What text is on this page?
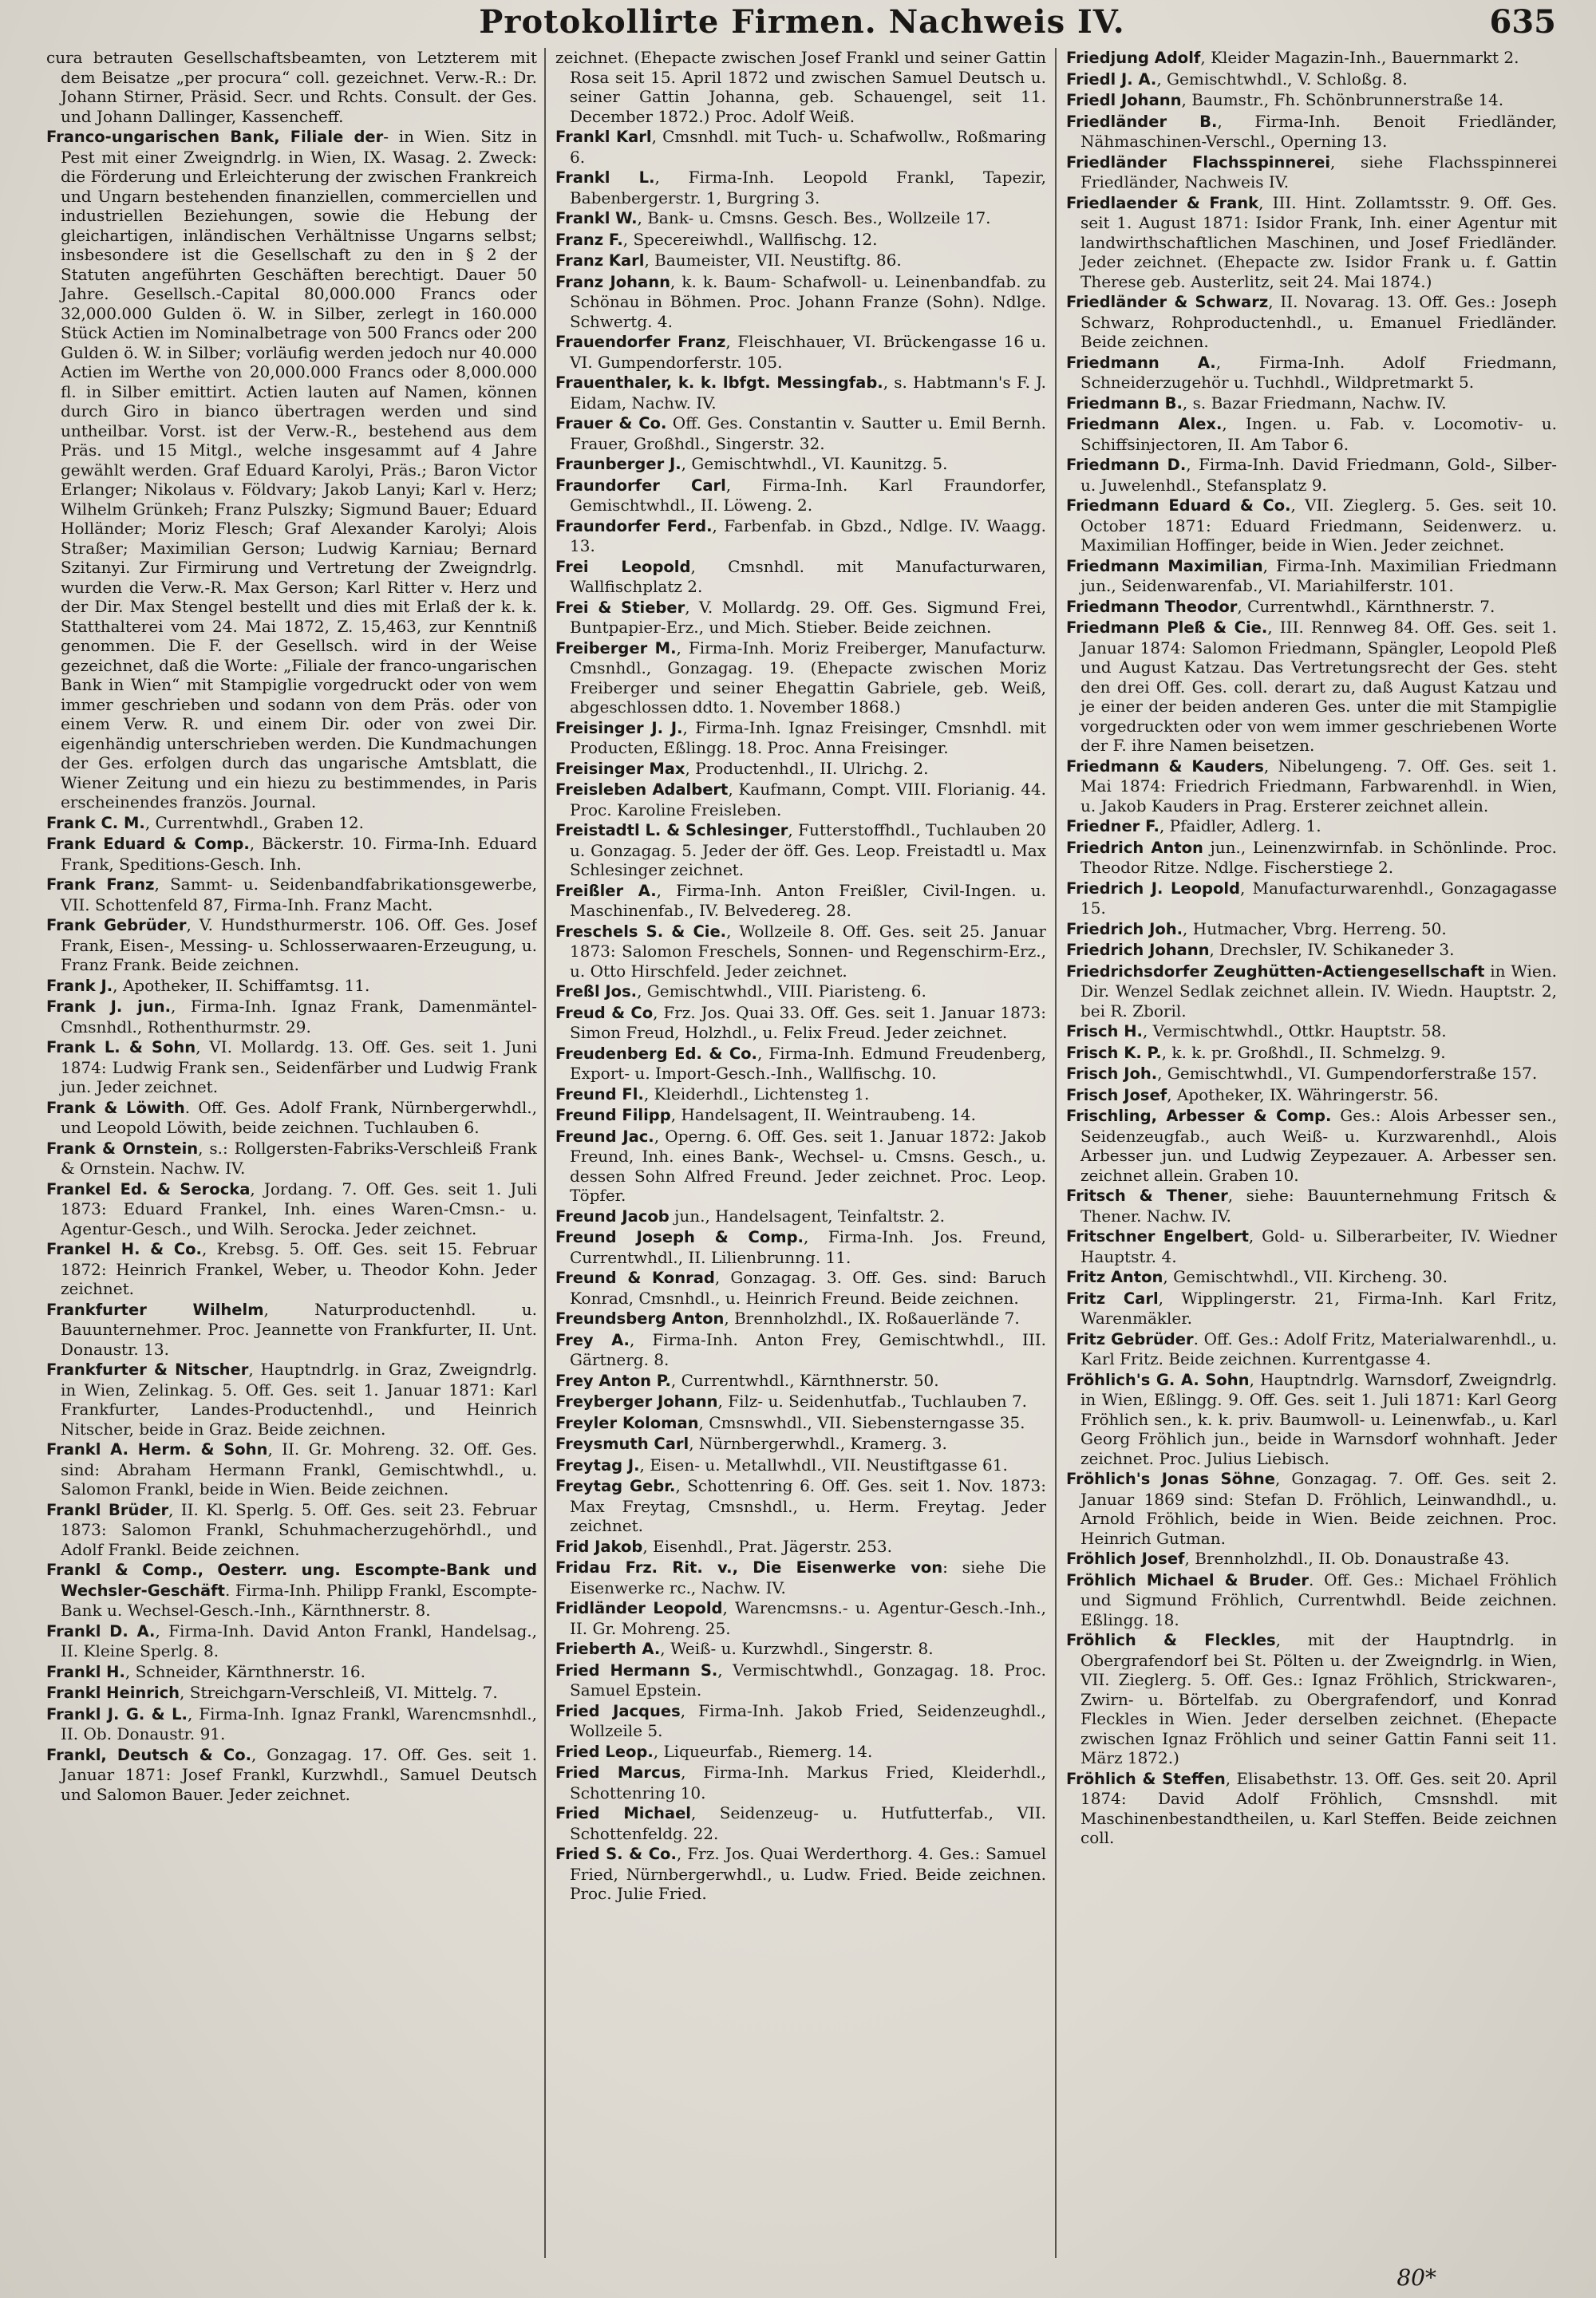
Protokollirte Firmen. Nachweis IV.	635

cura betrauten Gesellschaftsbeamten, von Letzterem mit dem Beisatze „per procura“ coll. gezeichnet. Verw.-R.: Dr. Johann Stirner, Präsid. Secr. und Rchts. Consult. der Ges. und Johann Dallinger, Kassencheff.

Franco-ungarischen Bank, Filiale der- in Wien. Sitz in Pest mit einer Zweigndrlg. in Wien, IX. Wasag. 2. Zweck: die Förderung und Erleichterung der zwischen Frankreich und Ungarn bestehenden finanziellen, commerciellen und industriellen Beziehungen, sowie die Hebung der gleichartigen, inländischen Verhältnisse Ungarns selbst; insbesondere ist die Gesellschaft zu den in § 2 der Statuten angeführten Geschäften berechtigt. Dauer 50 Jahre. Gesellsch.-Capital 80,000.000 Francs oder 32,000.000 Gulden ö. W. in Silber, zerlegt in 160.000 Stück Actien im Nominalbetrage von 500 Francs oder 200 Gulden ö. W. in Silber; vorläufig werden jedoch nur 40.000 Actien im Werthe von 20,000.000 Francs oder 8,000.000 fl. in Silber emittirt. Actien lauten auf Namen, können durch Giro in bianco übertragen werden und sind untheilbar. Vorst. ist der Verw.-R., bestehend aus dem Präs. und 15 Mitgl., welche insgesammt auf 4 Jahre gewählt werden. Graf Eduard Karolyi, Präs.; Baron Victor Erlanger; Nikolaus v. Földvary; Jakob Lanyi; Karl v. Herz; Wilhelm Grünkeh; Franz Pulszky; Sigmund Bauer; Eduard Holländer; Moriz Flesch; Graf Alexander Karolyi; Alois Straßer; Maximilian Gerson; Ludwig Karniau; Bernard Szitanyi. Zur Firmirung und Vertretung der Zweigndrlg. wurden die Verw.-R. Max Gerson; Karl Ritter v. Herz und der Dir. Max Stengel bestellt und dies mit Erlaß der k. k. Statthalterei vom 24. Mai 1872, Z. 15,463, zur Kenntniß genommen. Die F. der Gesellsch. wird in der Weise gezeichnet, daß die Worte: „Filiale der franco-ungarischen Bank in Wien“ mit Stampiglie vorgedruckt oder von wem immer geschrieben und sodann von dem Präs. oder von einem Verw. R. und einem Dir. oder von zwei Dir. eigenhändig unterschrieben werden. Die Kundmachungen der Ges. erfolgen durch das ungarische Amtsblatt, die Wiener Zeitung und ein hiezu zu bestimmendes, in Paris erscheinendes französ. Journal.

Frank C. M., Currentwhdl., Graben 12.

Frank Eduard & Comp., Bäckerstr. 10. Firma-Inh. Eduard Frank, Speditions-Gesch. Inh.

Frank Franz, Sammt- u. Seidenbandfabrikationsgewerbe, VII. Schottenfeld 87, Firma-Inh. Franz Macht.

Frank Gebrüder, V. Hundsthurmerstr. 106. Off. Ges. Josef Frank, Eisen-, Messing- u. Schlosserwaaren-Erzeugung, u. Franz Frank. Beide zeichnen.

Frank J., Apotheker, II. Schiffamtsg. 11.

Frank J. jun., Firma-Inh. Ignaz Frank, Damenmäntel-Cmsnhdl., Rothenthurmstr. 29.

Frank L. & Sohn, VI. Mollardg. 13. Off. Ges. seit 1. Juni 1874: Ludwig Frank sen., Seidenfärber und Ludwig Frank jun. Jeder zeichnet.

Frank & Löwith. Off. Ges. Adolf Frank, Nürnbergerwhdl., und Leopold Löwith, beide zeichnen. Tuchlauben 6.

Frank & Ornstein, s.: Rollgersten-Fabriks-Verschleiß Frank & Ornstein. Nachw. IV.

Frankel Ed. & Serocka, Jordang. 7. Off. Ges. seit 1. Juli 1873: Eduard Frankel, Inh. eines Waren-Cmsn.- u. Agentur-Gesch., und Wilh. Serocka. Jeder zeichnet.

Frankel H. & Co., Krebsg. 5. Off. Ges. seit 15. Februar 1872: Heinrich Frankel, Weber, u. Theodor Kohn. Jeder zeichnet.

Frankfurter Wilhelm, Naturproductenhdl. u. Bauunternehmer. Proc. Jeannette von Frankfurter, II. Unt. Donaustr. 13.

Frankfurter & Nitscher, Hauptndrlg. in Graz, Zweigndrlg. in Wien, Zelinkag. 5. Off. Ges. seit 1. Januar 1871: Karl Frankfurter, Landes-Productenhdl., und Heinrich Nitscher, beide in Graz. Beide zeichnen.

Frankl A. Herm. & Sohn, II. Gr. Mohreng. 32. Off. Ges. sind: Abraham Hermann Frankl, Gemischtwhdl., u. Salomon Frankl, beide in Wien. Beide zeichnen.

Frankl Brüder, II. Kl. Sperlg. 5. Off. Ges. seit 23. Februar 1873: Salomon Frankl, Schuhmacherzugehörhdl., und Adolf Frankl. Beide zeichnen.

Frankl & Comp., Oesterr. ung. Escompte-Bank und Wechsler-Geschäft. Firma-Inh. Philipp Frankl, Escompte-Bank u. Wechsel-Gesch.-Inh., Kärnthnerstr. 8.

Frankl D. A., Firma-Inh. David Anton Frankl, Handelsag., II. Kleine Sperlg. 8.

Frankl H., Schneider, Kärnthnerstr. 16.

Frankl Heinrich, Streichgarn-Verschleiß, VI. Mittelg. 7.

Frankl J. G. & L., Firma-Inh. Ignaz Frankl, Warencmsnhdl., II. Ob. Donaustr. 91.

Frankl, Deutsch & Co., Gonzagag. 17. Off. Ges. seit 1. Januar 1871: Josef Frankl, Kurzwhdl., Samuel Deutsch und Salomon Bauer. Jeder zeichnet.

zeichnet. (Ehepacte zwischen Josef Frankl und seiner Gattin Rosa seit 15. April 1872 und zwischen Samuel Deutsch u. seiner Gattin Johanna, geb. Schauengel, seit 11. December 1872.) Proc. Adolf Weiß.

Frankl Karl, Cmsnhdl. mit Tuch- u. Schafwollw., Roßmaring 6.

Frankl L., Firma-Inh. Leopold Frankl, Tapezir, Babenbergerstr. 1, Burgring 3.

Frankl W., Bank- u. Cmsns. Gesch. Bes., Wollzeile 17.

Franz F., Specereiwhdl., Wallfischg. 12.

Franz Karl, Baumeister, VII. Neustiftg. 86.

Franz Johann, k. k. Baum- Schafwoll- u. Leinenbandfab. zu Schönau in Böhmen. Proc. Johann Franze (Sohn). Ndlge. Schwertg. 4.

Frauendorfer Franz, Fleischhauer, VI. Brückengasse 16 u. VI. Gumpendorferstr. 105.

Frauenthaler, k. k. lbfgt. Messingfab., s. Habtmann's F. J. Eidam, Nachw. IV.

Frauer & Co. Off. Ges. Constantin v. Sautter u. Emil Bernh. Frauer, Großhdl., Singerstr. 32.

Fraunberger J., Gemischtwhdl., VI. Kaunitzg. 5.

Fraundorfer Carl, Firma-Inh. Karl Fraundorfer, Gemischtwhdl., II. Löweng. 2.

Fraundorfer Ferd., Farbenfab. in Gbzd., Ndlge. IV. Waagg. 13.

Frei Leopold, Cmsnhdl. mit Manufacturwaren, Wallfischplatz 2.

Frei & Stieber, V. Mollardg. 29. Off. Ges. Sigmund Frei, Buntpapier-Erz., und Mich. Stieber. Beide zeichnen.

Freiberger M., Firma-Inh. Moriz Freiberger, Manufacturw. Cmsnhdl., Gonzagag. 19. (Ehepacte zwischen Moriz Freiberger und seiner Ehegattin Gabriele, geb. Weiß, abgeschlossen ddto. 1. November 1868.)

Freisinger J. J., Firma-Inh. Ignaz Freisinger, Cmsnhdl. mit Producten, Eßlingg. 18. Proc. Anna Freisinger.

Freisinger Max, Productenhdl., II. Ulrichg. 2.

Freisleben Adalbert, Kaufmann, Compt. VIII. Florianig. 44. Proc. Karoline Freisleben.

Freistadtl L. & Schlesinger, Futterstoffhdl., Tuchlauben 20 u. Gonzagag. 5. Jeder der öff. Ges. Leop. Freistadtl u. Max Schlesinger zeichnet.

Freißler A., Firma-Inh. Anton Freißler, Civil-Ingen. u. Maschinenfab., IV. Belvedereg. 28.

Freschels S. & Cie., Wollzeile 8. Off. Ges. seit 25. Januar 1873: Salomon Freschels, Sonnen- und Regenschirm-Erz., u. Otto Hirschfeld. Jeder zeichnet.

Freßl Jos., Gemischtwhdl., VIII. Piaristeng. 6.

Freud & Co, Frz. Jos. Quai 33. Off. Ges. seit 1. Januar 1873: Simon Freud, Holzhdl., u. Felix Freud. Jeder zeichnet.

Freudenberg Ed. & Co., Firma-Inh. Edmund Freudenberg, Export- u. Import-Gesch.-Inh., Wallfischg. 10.

Freund Fl., Kleiderhdl., Lichtensteg 1.

Freund Filipp, Handelsagent, II. Weintraubeng. 14.

Freund Jac., Operng. 6. Off. Ges. seit 1. Januar 1872: Jakob Freund, Inh. eines Bank-, Wechsel- u. Cmsns. Gesch., u. dessen Sohn Alfred Freund. Jeder zeichnet. Proc. Leop. Töpfer.

Freund Jacob jun., Handelsagent, Teinfaltstr. 2.

Freund Joseph & Comp., Firma-Inh. Jos. Freund, Currentwhdl., II. Lilienbrunng. 11.

Freund & Konrad, Gonzagag. 3. Off. Ges. sind: Baruch Konrad, Cmsnhdl., u. Heinrich Freund. Beide zeichnen.

Freundsberg Anton, Brennholzhdl., IX. Roßauerlände 7.

Frey A., Firma-Inh. Anton Frey, Gemischtwhdl., III. Gärtnerg. 8.

Frey Anton P., Currentwhdl., Kärnthnerstr. 50.

Freyberger Johann, Filz- u. Seidenhutfab., Tuchlauben 7.

Freyler Koloman, Cmsnswhdl., VII. Siebensterngasse 35.

Freysmuth Carl, Nürnbergerwhdl., Kramerg. 3.

Freytag J., Eisen- u. Metallwhdl., VII. Neustiftgasse 61.

Freytag Gebr., Schottenring 6. Off. Ges. seit 1. Nov. 1873: Max Freytag, Cmsnshdl., u. Herm. Freytag. Jeder zeichnet.

Frid Jakob, Eisenhdl., Prat. Jägerstr. 253.

Fridau Frz. Rit. v., Die Eisenwerke von: siehe Die Eisenwerke rc., Nachw. IV.

Fridländer Leopold, Warencmsns.- u. Agentur-Gesch.-Inh., II. Gr. Mohreng. 25.

Frieberth A., Weiß- u. Kurzwhdl., Singerstr. 8.

Fried Hermann S., Vermischtwhdl., Gonzagag. 18. Proc. Samuel Epstein.

Fried Jacques, Firma-Inh. Jakob Fried, Seidenzeughdl., Wollzeile 5.

Fried Leop., Liqueurfab., Riemerg. 14.

Fried Marcus, Firma-Inh. Markus Fried, Kleiderhdl., Schottenring 10.

Fried Michael, Seidenzeug- u. Hutfutterfab., VII. Schottenfeldg. 22.

Fried S. & Co., Frz. Jos. Quai Werderthorg. 4. Ges.: Samuel Fried, Nürnbergerwhdl., u. Ludw. Fried. Beide zeichnen. Proc. Julie Fried.

Friedjung Adolf, Kleider Magazin-Inh., Bauernmarkt 2.

Friedl J. A., Gemischtwhdl., V. Schloßg. 8.

Friedl Johann, Baumstr., Fh. Schönbrunnerstraße 14.

Friedländer B., Firma-Inh. Benoit Friedländer, Nähmaschinen-Verschl., Operning 13.

Friedländer Flachsspinnerei, siehe Flachsspinnerei Friedländer, Nachweis IV.

Friedlaender & Frank, III. Hint. Zollamtsstr. 9. Off. Ges. seit 1. August 1871: Isidor Frank, Inh. einer Agentur mit landwirthschaftlichen Maschinen, und Josef Friedländer. Jeder zeichnet. (Ehepacte zw. Isidor Frank u. f. Gattin Therese geb. Austerlitz, seit 24. Mai 1874.)

Friedländer & Schwarz, II. Novarag. 13. Off. Ges.: Joseph Schwarz, Rohproductenhdl., u. Emanuel Friedländer. Beide zeichnen.

Friedmann A., Firma-Inh. Adolf Friedmann, Schneiderzugehör u. Tuchhdl., Wildpretmarkt 5.

Friedmann B., s. Bazar Friedmann, Nachw. IV.

Friedmann Alex., Ingen. u. Fab. v. Locomotiv- u. Schiffsinjectoren, II. Am Tabor 6.

Friedmann D., Firma-Inh. David Friedmann, Gold-, Silber- u. Juwelenhdl., Stefansplatz 9.

Friedmann Eduard & Co., VII. Zieglerg. 5. Ges. seit 10. October 1871: Eduard Friedmann, Seidenwerz. u. Maximilian Hoffinger, beide in Wien. Jeder zeichnet.

Friedmann Maximilian, Firma-Inh. Maximilian Friedmann jun., Seidenwarenfab., VI. Mariahilferstr. 101.

Friedmann Theodor, Currentwhdl., Kärnthnerstr. 7.

Friedmann Pleß & Cie., III. Rennweg 84. Off. Ges. seit 1. Januar 1874: Salomon Friedmann, Spängler, Leopold Pleß und August Katzau. Das Vertretungsrecht der Ges. steht den drei Off. Ges. coll. derart zu, daß August Katzau und je einer der beiden anderen Ges. unter die mit Stampiglie vorgedruckten oder von wem immer geschriebenen Worte der F. ihre Namen beisetzen.

Friedmann & Kauders, Nibelungeng. 7. Off. Ges. seit 1. Mai 1874: Friedrich Friedmann, Farbwarenhdl. in Wien, u. Jakob Kauders in Prag. Ersterer zeichnet allein.

Friedner F., Pfaidler, Adlerg. 1.

Friedrich Anton jun., Leinenzwirnfab. in Schönlinde. Proc. Theodor Ritze. Ndlge. Fischerstiege 2.

Friedrich J. Leopold, Manufacturwarenhdl., Gonzagagasse 15.

Friedrich Joh., Hutmacher, Vbrg. Herreng. 50.

Friedrich Johann, Drechsler, IV. Schikaneder 3.

Friedrichsdorfer Zeughütten-Actiengesellschaft in Wien. Dir. Wenzel Sedlak zeichnet allein. IV. Wiedn. Hauptstr. 2, bei R. Zboril.

Frisch H., Vermischtwhdl., Ottkr. Hauptstr. 58.

Frisch K. P., k. k. pr. Großhdl., II. Schmelzg. 9.

Frisch Joh., Gemischtwhdl., VI. Gumpendorferstraße 157.

Frisch Josef, Apotheker, IX. Währingerstr. 56.

Frischling, Arbesser & Comp. Ges.: Alois Arbesser sen., Seidenzeugfab., auch Weiß- u. Kurzwarenhdl., Alois Arbesser jun. und Ludwig Zeypezauer. A. Arbesser sen. zeichnet allein. Graben 10.

Fritsch & Thener, siehe: Bauunternehmung Fritsch & Thener. Nachw. IV.

Fritschner Engelbert, Gold- u. Silberarbeiter, IV. Wiedner Hauptstr. 4.

Fritz Anton, Gemischtwhdl., VII. Kircheng. 30.

Fritz Carl, Wipplingerstr. 21, Firma-Inh. Karl Fritz, Warenmäkler.

Fritz Gebrüder. Off. Ges.: Adolf Fritz, Materialwarenhdl., u. Karl Fritz. Beide zeichnen. Kurrentgasse 4.

Fröhlich's G. A. Sohn, Hauptndrlg. Warnsdorf, Zweigndrlg. in Wien, Eßlingg. 9. Off. Ges. seit 1. Juli 1871: Karl Georg Fröhlich sen., k. k. priv. Baumwoll- u. Leinenwfab., u. Karl Georg Fröhlich jun., beide in Warnsdorf wohnhaft. Jeder zeichnet. Proc. Julius Liebisch.

Fröhlich's Jonas Söhne, Gonzagag. 7. Off. Ges. seit 2. Januar 1869 sind: Stefan D. Fröhlich, Leinwandhdl., u. Arnold Fröhlich, beide in Wien. Beide zeichnen. Proc. Heinrich Gutman.

Fröhlich Josef, Brennholzhdl., II. Ob. Donaustraße 43.

Fröhlich Michael & Bruder. Off. Ges.: Michael Fröhlich und Sigmund Fröhlich, Currentwhdl. Beide zeichnen. Eßlingg. 18.

Fröhlich & Fleckles, mit der Hauptndrlg. in Obergrafendorf bei St. Pölten u. der Zweigndrlg. in Wien, VII. Zieglerg. 5. Off. Ges.: Ignaz Fröhlich, Strickwaren-, Zwirn- u. Börtelfab. zu Obergrafendorf, und Konrad Fleckles in Wien. Jeder derselben zeichnet. (Ehepacte zwischen Ignaz Fröhlich und seiner Gattin Fanni seit 11. März 1872.)

Fröhlich & Steffen, Elisabethstr. 13. Off. Ges. seit 20. April 1874: David Adolf Fröhlich, Cmsnshdl. mit Maschinenbestandtheilen, u. Karl Steffen. Beide zeichnen coll.

80*
